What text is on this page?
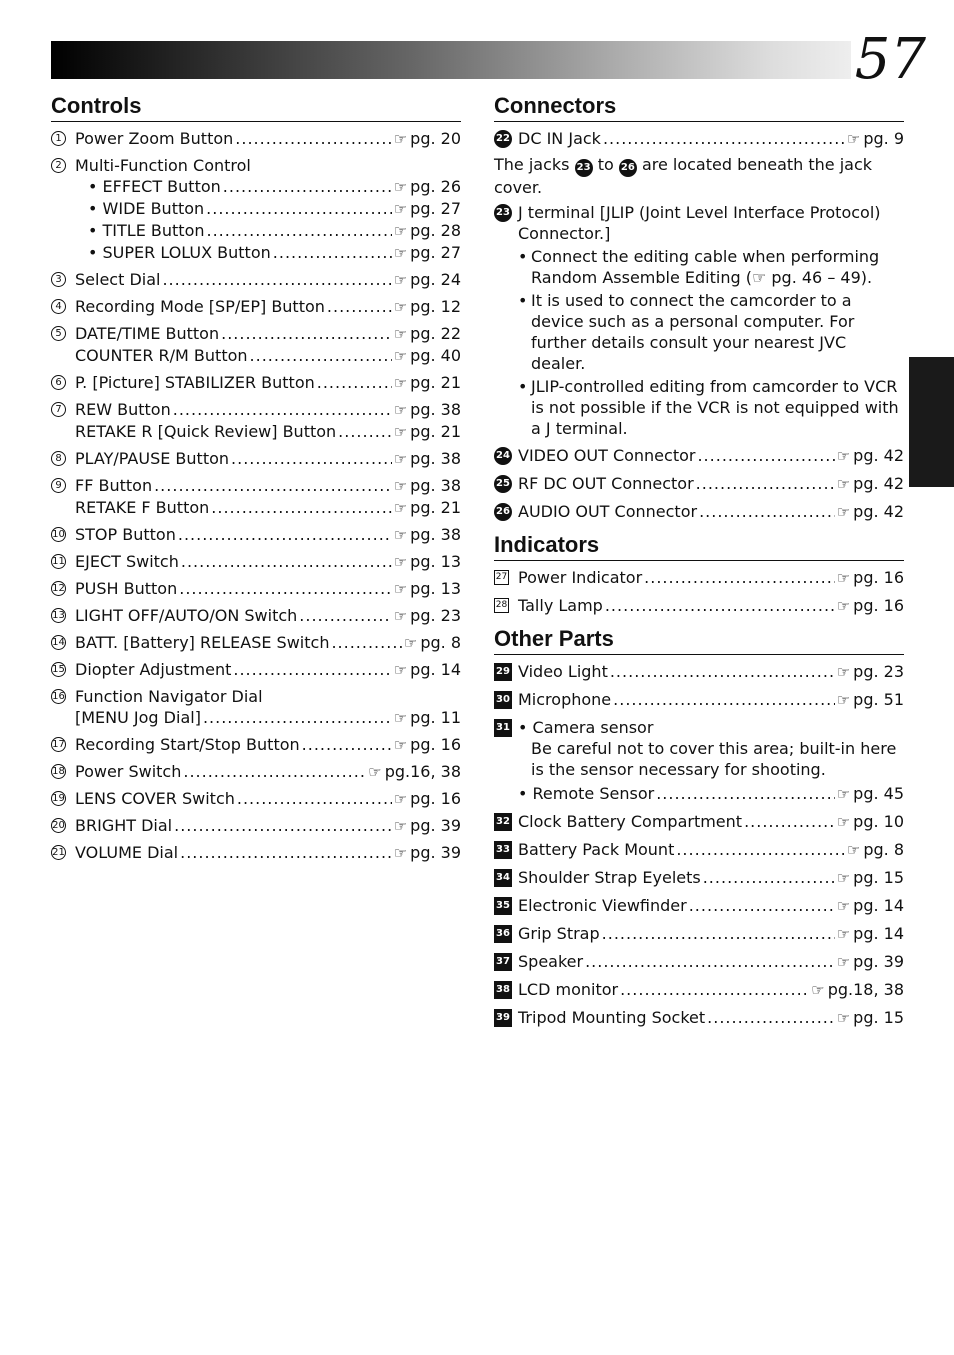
57
Controls
1 Power Zoom Button .....	☞ pg. 20
2 Multi-Function Control
• EFFECT Button .....	☞ pg. 26
• WIDE Button .....	☞ pg. 27
• TITLE Button .....	☞ pg. 28
• SUPER LOLUX Button .....	☞ pg. 27
3 Select Dial .....	☞ pg. 24
4 Recording Mode [SP/EP] Button .....	☞ pg. 12
5 DATE/TIME Button .....	☞ pg. 22
COUNTER R/M Button .....	☞ pg. 40
6 P. [Picture] STABILIZER Button .....	☞ pg. 21
7 REW Button .....	☞ pg. 38
RETAKE R [Quick Review] Button .....	☞ pg. 21
8 PLAY/PAUSE Button .....	☞ pg. 38
9 FF Button .....	☞ pg. 38
RETAKE F Button .....	☞ pg. 21
10 STOP Button .....	☞ pg. 38
11 EJECT Switch .....	☞ pg. 13
12 PUSH Button .....	☞ pg. 13
13 LIGHT OFF/AUTO/ON Switch .....	☞ pg. 23
14 BATT. [Battery] RELEASE Switch .....	☞ pg. 8
15 Diopter Adjustment .....	☞ pg. 14
16 Function Navigator Dial
[MENU Jog Dial] .....	☞ pg. 11
17 Recording Start/Stop Button .....	☞ pg. 16
18 Power Switch .....	☞ pg.16, 38
19 LENS COVER Switch .....	☞ pg. 16
20 BRIGHT Dial .....	☞ pg. 39
21 VOLUME Dial .....	☞ pg. 39
Connectors
22 DC IN Jack .....	☞ pg. 9
The jacks 23 to 26 are located beneath the jack cover.
23 J terminal [JLIP (Joint Level Interface Protocol) Connector.]
• Connect the editing cable when performing Random Assemble Editing (☞ pg. 46 – 49).
• It is used to connect the camcorder to a device such as a personal computer. For further details consult your nearest JVC dealer.
• JLIP-controlled editing from camcorder to VCR is not possible if the VCR is not equipped with a J terminal.
24 VIDEO OUT Connector .....	☞ pg. 42
25 RF DC OUT Connector .....	☞ pg. 42
26 AUDIO OUT Connector .....	☞ pg. 42
Indicators
27 Power Indicator .....	☞ pg. 16
28 Tally Lamp .....	☞ pg. 16
Other Parts
29 Video Light .....	☞ pg. 23
30 Microphone .....	☞ pg. 51
31 • Camera sensor
Be careful not to cover this area; built-in here is the sensor necessary for shooting.
• Remote Sensor .....	☞ pg. 45
32 Clock Battery Compartment .....	☞ pg. 10
33 Battery Pack Mount .....	☞ pg. 8
34 Shoulder Strap Eyelets .....	☞ pg. 15
35 Electronic Viewfinder .....	☞ pg. 14
36 Grip Strap .....	☞ pg. 14
37 Speaker .....	☞ pg. 39
38 LCD monitor .....	☞ pg.18, 38
39 Tripod Mounting Socket .....	☞ pg. 15
